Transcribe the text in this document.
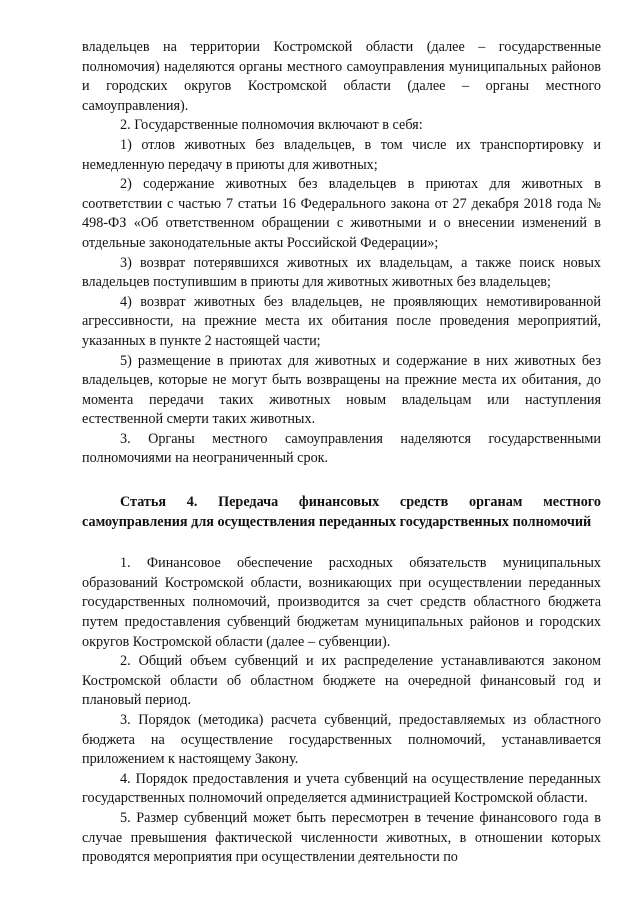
владельцев на территории Костромской области (далее – государственные полномочия) наделяются органы местного самоуправления муниципальных районов и городских округов Костромской области (далее – органы местного самоуправления).

2. Государственные полномочия включают в себя:

1) отлов животных без владельцев, в том числе их транспортировку и немедленную передачу в приюты для животных;

2) содержание животных без владельцев в приютах для животных в соответствии с частью 7 статьи 16 Федерального закона от 27 декабря 2018 года № 498-ФЗ «Об ответственном обращении с животными и о внесении изменений в отдельные законодательные акты Российской Федерации»;

3) возврат потерявшихся животных их владельцам, а также поиск новых владельцев поступившим в приюты для животных животных без владельцев;

4) возврат животных без владельцев, не проявляющих немотивированной агрессивности, на прежние места их обитания после проведения мероприятий, указанных в пункте 2 настоящей части;

5) размещение в приютах для животных и содержание в них животных без владельцев, которые не могут быть возвращены на прежние места их обитания, до момента передачи таких животных новым владельцам или наступления естественной смерти таких животных.

3. Органы местного самоуправления наделяются государственными полномочиями на неограниченный срок.

Статья 4. Передача финансовых средств органам местного самоуправления для осуществления переданных государственных полномочий

1. Финансовое обеспечение расходных обязательств муниципальных образований Костромской области, возникающих при осуществлении переданных государственных полномочий, производится за счет средств областного бюджета путем предоставления субвенций бюджетам муниципальных районов и городских округов Костромской области (далее – субвенции).

2. Общий объем субвенций и их распределение устанавливаются законом Костромской области об областном бюджете на очередной финансовый год и плановый период.

3. Порядок (методика) расчета субвенций, предоставляемых из областного бюджета на осуществление государственных полномочий, устанавливается приложением к настоящему Закону.

4. Порядок предоставления и учета субвенций на осуществление переданных государственных полномочий определяется администрацией Костромской области.

5. Размер субвенций может быть пересмотрен в течение финансового года в случае превышения фактической численности животных, в отношении которых проводятся мероприятия при осуществлении деятельности по
